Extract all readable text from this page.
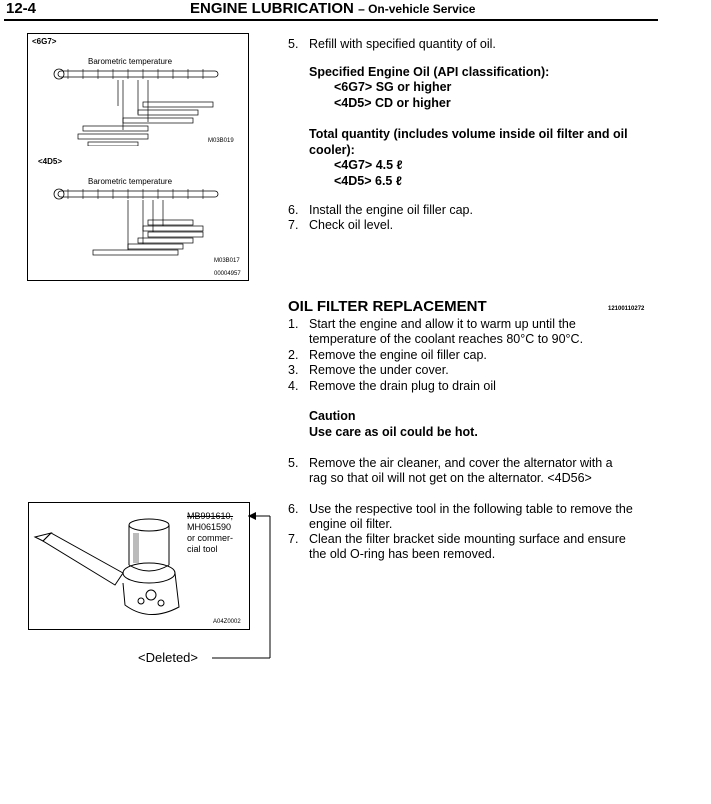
12-4	ENGINE LUBRICATION – On-vehicle Service
<6G7>
Barometric temperature
M03B019
<4D5>
Barometric temperature
M03B017
00004957
5. Refill with specified quantity of oil.
Specified Engine Oil (API classification):
<6G7> SG or higher
<4D5> CD or higher
Total quantity (includes volume inside oil filter and oil
cooler):
<4G7> 4.5 ℓ
<4D5> 6.5 ℓ
6. Install the engine oil filler cap.
7. Check oil level.
OIL FILTER REPLACEMENT	12100110272
1. Start the engine and allow it to warm up until the
temperature of the coolant reaches 80°C to 90°C.
2. Remove the engine oil filler cap.
3. Remove the under cover.
4. Remove the drain plug to drain oil
Caution
Use care as oil could be hot.
5. Remove the air cleaner, and cover the alternator with a
rag so that oil will not get on the alternator. <4D56>
6. Use the respective tool in the following table to remove the
engine oil filter.
7. Clean the filter bracket side mounting surface and ensure
the old O-ring has been removed.
MB991610,
MH061590
or commer-
cial tool
A04Z0002
<Deleted>
